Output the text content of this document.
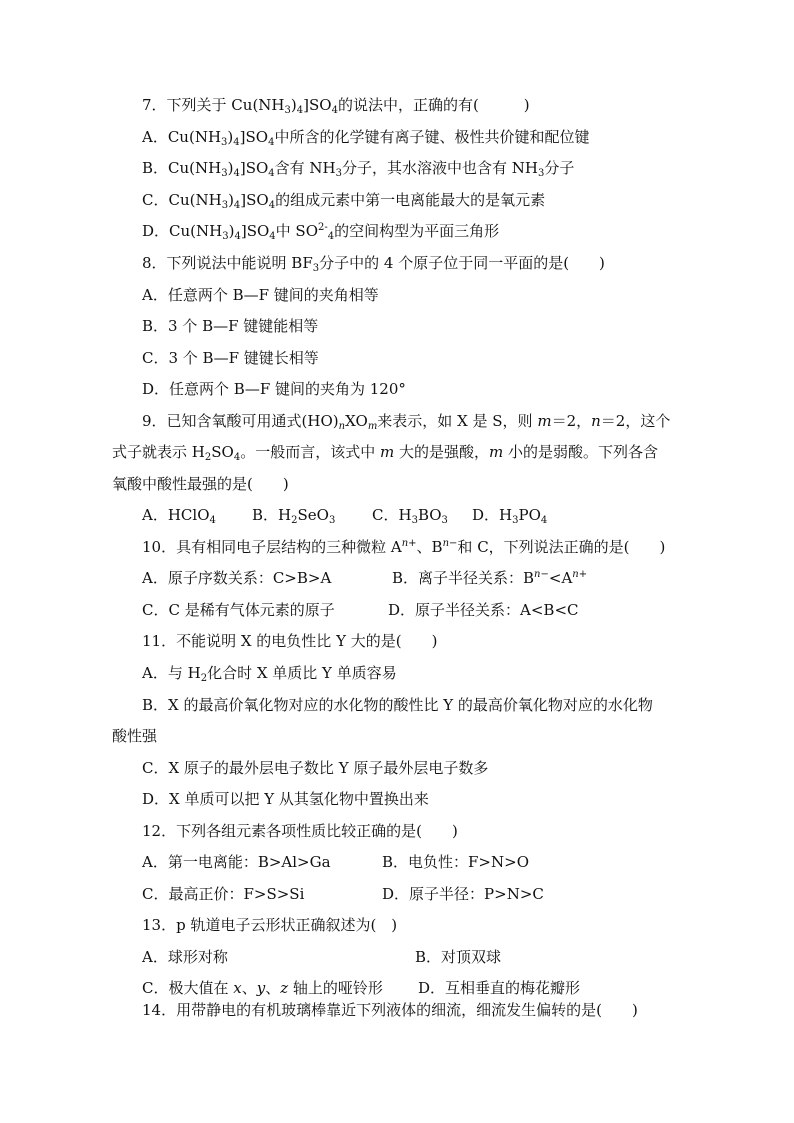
7．下列关于 $Cu(NH_3)_4]SO_4$的说法中，正确的有(　　　)
A．$Cu(NH_3)_4]SO_4$中所含的化学键有离子键、极性共价键和配位键
B．$Cu(NH_3)_4]SO_4$含有 $NH_3$分子，其水溶液中也含有 $NH_3$分子
C．$Cu(NH_3)_4]SO_4$的组成元素中第一电离能最大的是氧元素
D．$Cu(NH_3)_4]SO_4$中 $SO^{2-}_4$的空间构型为平面三角形
8．下列说法中能说明 $BF_3$分子中的 4 个原子位于同一平面的是(　　)
A．任意两个 B—F 键间的夹角相等
B．3 个 B—F 键键能相等
C．3 个 B—F 键键长相等
D．任意两个 B—F 键间的夹角为 120°
9．已知含氧酸可用通式$(HO)_nXO_m$来表示，如 X 是 S，则 m＝2，n＝2，这个
式子就表示 $H_2SO_4$。一般而言，该式中 m 大的是强酸，m 小的是弱酸。下列各含
氧酸中酸性最强的是(　　)
A．HClO$_4$ B．$H_2SeO_3$ C．$H_3BO_3$ D．$H_3PO_4$
10．具有相同电子层结构的三种微粒 $A^{n+}$、$B^{n-}$和 C，下列说法正确的是(　　)
A．原子序数关系：C>B>A	B．离子半径关系：$B^{n-}<A^{n+}$
C．C 是稀有气体元素的原子	D．原子半径关系：A<B<C
11．不能说明 X 的电负性比 Y 大的是(　　)
A．与 $H_2$化合时 X 单质比 Y 单质容易
B．X 的最高价氧化物对应的水化物的酸性比 Y 的最高价氧化物对应的水化物
酸性强
C．X 原子的最外层电子数比 Y 原子最外层电子数多
D．X 单质可以把 Y 从其氢化物中置换出来
12．下列各组元素各项性质比较正确的是(　　)
A．第一电离能：B>Al>Ga	B．电负性：F>N>O
C．最高正价：F>S>Si	D．原子半径：P>N>C
13．p 轨道电子云形状正确叙述为(　)
A．球形对称	B．对顶双球
C．极大值在 x、y、z 轴上的哑铃形 D．互相垂直的梅花瓣形
14．用带静电的有机玻璃棒靠近下列液体的细流，细流发生偏转的是(　　)
